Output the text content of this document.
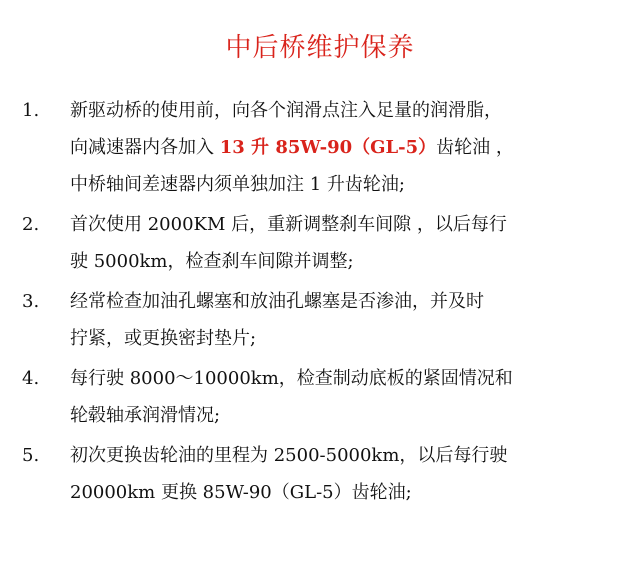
中后桥维护保养
1.	新驱动桥的使用前，向各个润滑点注入足量的润滑脂，
向减速器内各加入 13 升 85W-90（GL-5）齿轮油 ，
中桥轴间差速器内须单独加注 1 升齿轮油;
2.	首次使用 2000KM 后，重新调整刹车间隙 ，以后每行
驶 5000km，检查刹车间隙并调整;
3.	经常检查加油孔螺塞和放油孔螺塞是否渗油，并及时
拧紧，或更换密封垫片;
4.	每行驶 8000～10000km，检查制动底板的紧固情况和
轮毂轴承润滑情况;
5.	初次更换齿轮油的里程为 2500-5000km，以后每行驶
20000km 更换 85W-90（GL-5）齿轮油;
